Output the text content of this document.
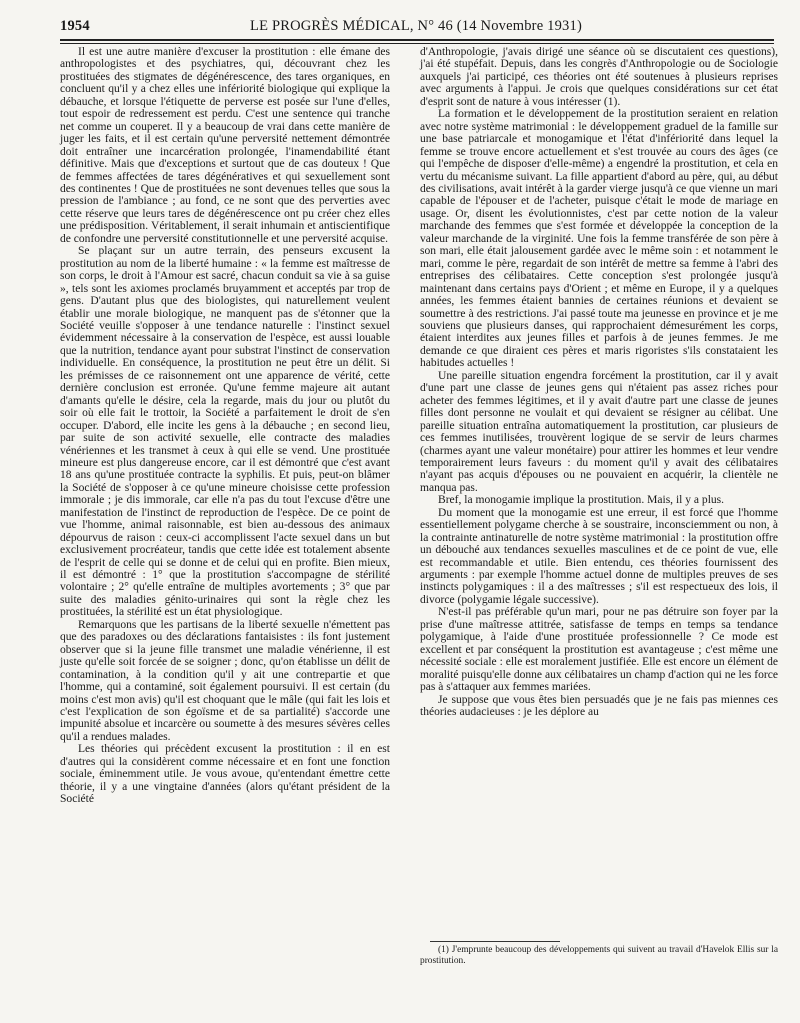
1954	LE PROGRÈS MÉDICAL, N° 46 (14 Novembre 1931)

Il est une autre manière d'excuser la prostitution : elle émane des anthropologistes et des psychiatres, qui, découvrant chez les prostituées des stigmates de dégénérescence, des tares organiques, en concluent qu'il y a chez elles une infériorité biologique qui explique la débauche, et lorsque l'étiquette de perverse est posée sur l'une d'elles, tout espoir de redressement est perdu. C'est une sentence qui tranche net comme un couperet. Il y a beaucoup de vrai dans cette manière de juger les faits, et il est certain qu'une perversité nettement démontrée doit entraîner une incarcération prolongée, l'inamendabilité étant définitive. Mais que d'exceptions et surtout que de cas douteux ! Que de femmes affectées de tares dégénératives et qui sexuellement sont des continentes ! Que de prostituées ne sont devenues telles que sous la pression de l'ambiance ; au fond, ce ne sont que des perverties avec cette réserve que leurs tares de dégénérescence ont pu créer chez elles une prédisposition. Véritablement, il serait inhumain et antiscientifique de confondre une perversité constitutionnelle et une perversité acquise.

Se plaçant sur un autre terrain, des penseurs excusent la prostitution au nom de la liberté humaine : « la femme est maîtresse de son corps, le droit à l'Amour est sacré, chacun conduit sa vie à sa guise », tels sont les axiomes proclamés bruyamment et acceptés par trop de gens. D'autant plus que des biologistes, qui naturellement veulent établir une morale biologique, ne manquent pas de s'étonner que la Société veuille s'opposer à une tendance naturelle : l'instinct sexuel évidemment nécessaire à la conservation de l'espèce, est aussi louable que la nutrition, tendance ayant pour substrat l'instinct de conservation individuelle. En conséquence, la prostitution ne peut être un délit. Si les prémisses de ce raisonnement ont une apparence de vérité, cette dernière conclusion est erronée. Qu'une femme majeure ait autant d'amants qu'elle le désire, cela la regarde, mais du jour ou plutôt du soir où elle fait le trottoir, la Société a parfaitement le droit de s'en occuper. D'abord, elle incite les gens à la débauche ; en second lieu, par suite de son activité sexuelle, elle contracte des maladies vénériennes et les transmet à ceux à qui elle se vend. Une prostituée mineure est plus dangereuse encore, car il est démontré que c'est avant 18 ans qu'une prostituée contracte la syphilis. Et puis, peut-on blâmer la Société de s'opposer à ce qu'une mineure choisisse cette profession immorale ; je dis immorale, car elle n'a pas du tout l'excuse d'être une manifestation de l'instinct de reproduction de l'espèce. De ce point de vue l'homme, animal raisonnable, est bien au-dessous des animaux dépourvus de raison : ceux-ci accomplissent l'acte sexuel dans un but exclusivement procréateur, tandis que cette idée est totalement absente de l'esprit de celle qui se donne et de celui qui en profite. Bien mieux, il est démontré : 1° que la prostitution s'accompagne de stérilité volontaire ; 2° qu'elle entraîne de multiples avortements ; 3° que par suite des maladies génito-urinaires qui sont la règle chez les prostituées, la stérilité est un état physiologique.

Remarquons que les partisans de la liberté sexuelle n'émettent pas que des paradoxes ou des déclarations fantaisistes : ils font justement observer que si la jeune fille transmet une maladie vénérienne, il est juste qu'elle soit forcée de se soigner ; donc, qu'on établisse un délit de contamination, à la condition qu'il y ait une contrepartie et que l'homme, qui a contaminé, soit également poursuivi. Il est certain (du moins c'est mon avis) qu'il est choquant que le mâle (qui fait les lois et c'est l'explication de son égoïsme et de sa partialité) s'accorde une impunité absolue et incarcère ou soumette à des mesures sévères celles qu'il a rendues malades.

Les théories qui précèdent excusent la prostitution : il en est d'autres qui la considèrent comme nécessaire et en font une fonction sociale, éminemment utile. Je vous avoue, qu'entendant émettre cette théorie, il y a une vingtaine d'années (alors qu'étant président de la Société

d'Anthropologie, j'avais dirigé une séance où se discutaient ces questions), j'ai été stupéfait. Depuis, dans les congrès d'Anthropologie ou de Sociologie auxquels j'ai participé, ces théories ont été soutenues à plusieurs reprises avec arguments à l'appui. Je crois que quelques considérations sur cet état d'esprit sont de nature à vous intéresser (1).

La formation et le développement de la prostitution seraient en relation avec notre système matrimonial : le développement graduel de la famille sur une base patriarcale et monogamique et l'état d'infériorité dans lequel la femme se trouve encore actuellement et s'est trouvée au cours des âges (ce qui l'empêche de disposer d'elle-même) a engendré la prostitution, et cela en vertu du mécanisme suivant. La fille appartient d'abord au père, qui, au début des civilisations, avait intérêt à la garder vierge jusqu'à ce que vienne un mari capable de l'épouser et de l'acheter, puisque c'était le mode de mariage en usage. Or, disent les évolutionnistes, c'est par cette notion de la valeur marchande des femmes que s'est formée et développée la conception de la valeur marchande de la virginité. Une fois la femme transférée de son père à son mari, elle était jalousement gardée avec le même soin : et notamment le mari, comme le père, regardait de son intérêt de mettre sa femme à l'abri des entreprises des célibataires. Cette conception s'est prolongée jusqu'à maintenant dans certains pays d'Orient ; et même en Europe, il y a quelques années, les femmes étaient bannies de certaines réunions et devaient se soumettre à des restrictions. J'ai passé toute ma jeunesse en province et je me souviens que plusieurs danses, qui rapprochaient démesurément les corps, étaient interdites aux jeunes filles et parfois à de jeunes femmes. Je me demande ce que diraient ces pères et maris rigoristes s'ils constataient les habitudes actuelles !

Une pareille situation engendra forcément la prostitution, car il y avait d'une part une classe de jeunes gens qui n'étaient pas assez riches pour acheter des femmes légitimes, et il y avait d'autre part une classe de jeunes filles dont personne ne voulait et qui devaient se résigner au célibat. Une pareille situation entraîna automatiquement la prostitution, car plusieurs de ces femmes inutilisées, trouvèrent logique de se servir de leurs charmes (charmes ayant une valeur monétaire) pour attirer les hommes et leur vendre temporairement leurs faveurs : du moment qu'il y avait des célibataires n'ayant pas acquis d'épouses ou ne pouvaient en acquérir, la clientèle ne manqua pas.

Bref, la monogamie implique la prostitution. Mais, il y a plus.

Du moment que la monogamie est une erreur, il est forcé que l'homme essentiellement polygame cherche à se soustraire, inconsciemment ou non, à la contrainte antinaturelle de notre système matrimonial : la prostitution offre un débouché aux tendances sexuelles masculines et de ce point de vue, elle est recommandable et utile. Bien entendu, ces théories fournissent des arguments : par exemple l'homme actuel donne de multiples preuves de ses instincts polygamiques : il a des maîtresses ; s'il est respectueux des lois, il divorce (polygamie légale successive).

N'est-il pas préférable qu'un mari, pour ne pas détruire son foyer par la prise d'une maîtresse attitrée, satisfasse de temps en temps sa tendance polygamique, à l'aide d'une prostituée professionnelle ? Ce mode est excellent et par conséquent la prostitution est avantageuse ; c'est même une nécessité sociale : elle est moralement justifiée. Elle est encore un élément de moralité puisqu'elle donne aux célibataires un champ d'action qui ne les force pas à s'attaquer aux femmes mariées.

Je suppose que vous êtes bien persuadés que je ne fais pas miennes ces théories audacieuses : je les déplore au

(1) J'emprunte beaucoup des développements qui suivent au travail d'Havelok Ellis sur la prostitution.
